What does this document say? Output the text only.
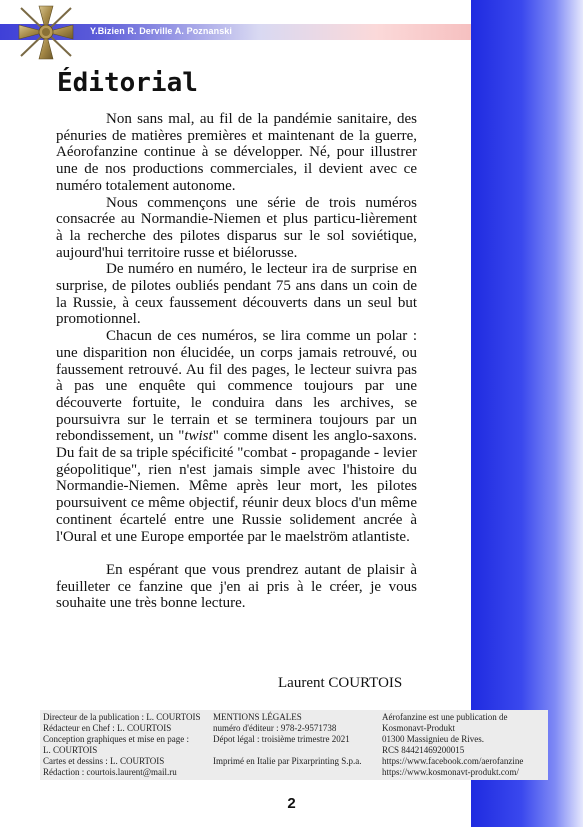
Y.Bizien R. Derville A. Poznanski
Éditorial

Non sans mal, au fil de la pandémie sanitaire, des pénuries de matières premières et maintenant de la guerre, Aéorofanzine continue à se développer. Né, pour illustrer une de nos productions commerciales, il devient avec ce numéro totalement autonome.

Nous commençons une série de trois numéros consacrée au Normandie-Niemen et plus particu-lièrement à la recherche des pilotes disparus sur le sol soviétique, aujourd'hui territoire russe et biélorusse.

De numéro en numéro, le lecteur ira de surprise en surprise, de pilotes oubliés pendant 75 ans dans un coin de la Russie, à ceux faussement découverts dans un seul but promotionnel.

Chacun de ces numéros, se lira comme un polar : une disparition non élucidée, un corps jamais retrouvé, ou faussement retrouvé. Au fil des pages, le lecteur suivra pas à pas une enquête qui commence toujours par une découverte fortuite, le conduira dans les archives, se poursuivra sur le terrain et se terminera toujours par un rebondissement, un "twist" comme disent les anglo-saxons. Du fait de sa triple spécificité "combat - propagande - levier géopolitique", rien n'est jamais simple avec l'histoire du Normandie-Niemen. Même après leur mort, les pilotes poursuivent ce même objectif, réunir deux blocs d'un même continent écartelé entre une Russie solidement ancrée à l'Oural et une Europe emportée par le maelström atlantiste.

En espérant que vous prendrez autant de plaisir à feuilleter ce fanzine que j'en ai pris à le créer, je vous souhaite une très bonne lecture.

Laurent COURTOIS
Directeur de la publication : L. COURTOIS
Rédacteur en Chef : L. COURTOIS
Conception graphiques et mise en page :
L. COURTOIS
Cartes et dessins : L. COURTOIS
Rédaction : courtois.laurent@mail.ru
MENTIONS LÉGALES
numéro d'éditeur : 978-2-9571738
Dépot légal : troisième trimestre 2021
Imprimé en Italie par Pixarprinting S.p.a.
Aérofanzine est une publication de
Kosmonavt-Produkt
01300 Massignieu de Rives.
RCS 84421469200015
https://www.facebook.com/aerofanzine
https://www.kosmonavt-produkt.com/
2
